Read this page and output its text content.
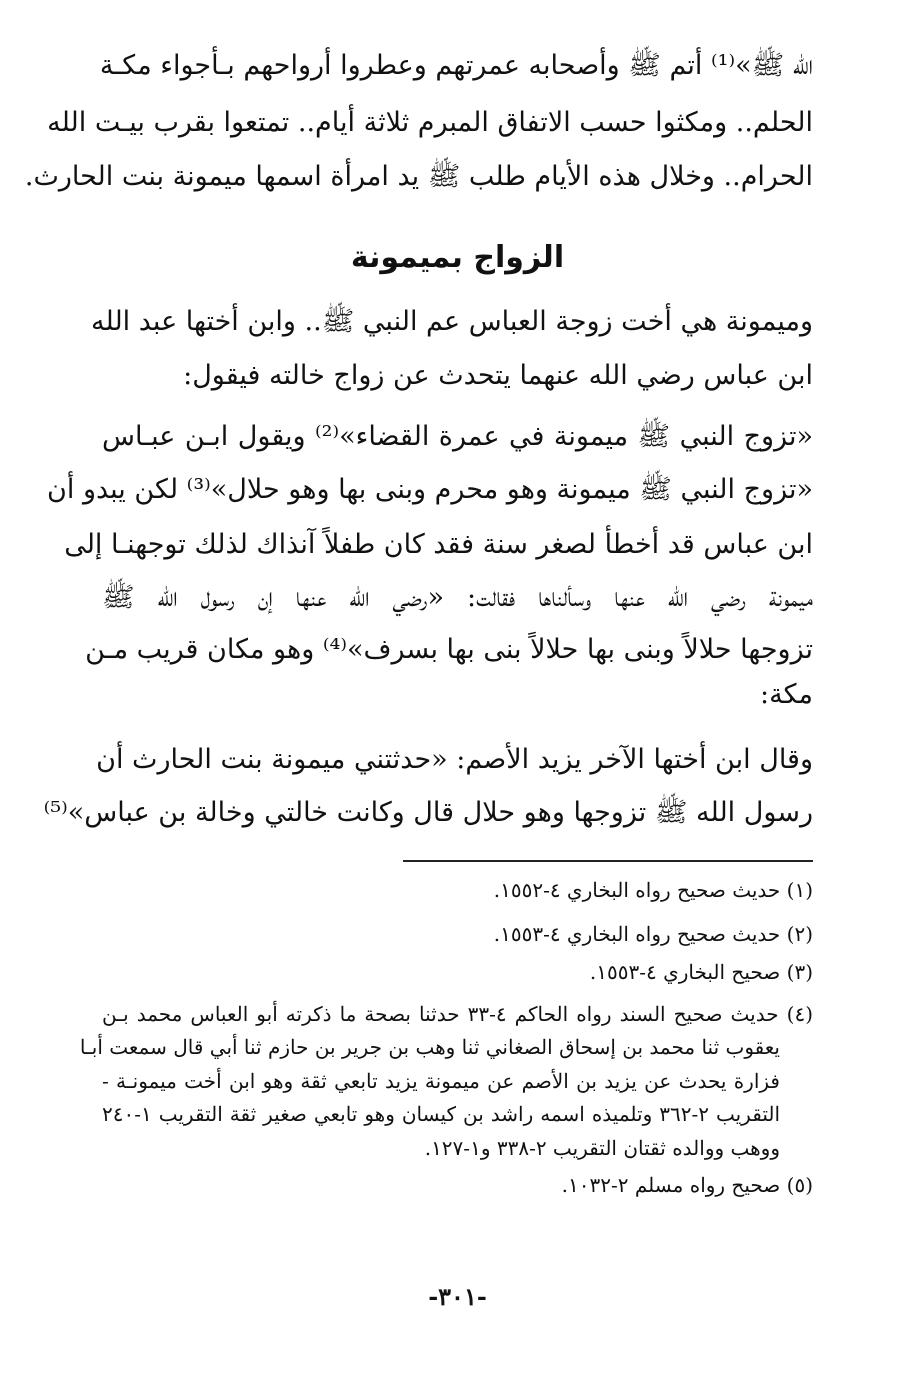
الله ﷺ»⁽¹⁾ أتم ﷺ وأصحابه عمرتهم وعطروا أرواحهم بـأجواء مكـة
الحلم.. ومكثوا حسب الاتفاق المبرم ثلاثة أيام.. تمتعوا بقرب بيـت الله
الحرام.. وخلال هذه الأيام طلب ﷺ يد امرأة اسمها ميمونة بنت الحارث.
الزواج بميمونة
وميمونة هي أخت زوجة العباس عم النبي ﷺ.. وابن أختها عبد الله
ابن عباس رضي الله عنهما يتحدث عن زواج خالته فيقول:
«تزوج النبي ﷺ ميمونة في عمرة القضاء»⁽²⁾ ويقول ابـن عبـاس
«تزوج النبي ﷺ ميمونة وهو محرم وبنى بها وهو حلال»⁽³⁾ لكن يبدو أن
ابن عباس قد أخطأ لصغر سنة فقد كان طفلاً آنذاك لذلك توجهنـا إلى
ميمونة رضي الله عنها وسألناها فقالت: «رضي الله عنها إن رسول الله ﷺ
تزوجها حلالاً وبنى بها حلالاً بنى بها بسرف»⁽⁴⁾ وهو مكان قريب مـن
مكة:
وقال ابن أختها الآخر يزيد الأصم: «حدثتني ميمونة بنت الحارث أن
رسول الله ﷺ تزوجها وهو حلال قال وكانت خالتي وخالة بن عباس»⁽⁵⁾
(١) حديث صحيح رواه البخاري ٤-١٥٥٢.
(٢) حديث صحيح رواه البخاري ٤-١٥٥٣.
(٣) صحيح البخاري ٤-١٥٥٣.
(٤) حديث صحيح السند رواه الحاكم ٤-٣٣ حدثنا بصحة ما ذكرته أبو العباس محمد بـن
يعقوب ثنا محمد بن إسحاق الصغاني ثنا وهب بن جرير بن حازم ثنا أبي قال سمعت أبـا
فزارة يحدث عن يزيد بن الأصم عن ميمونة يزيد تابعي ثقة وهو ابن أخت ميمونـة -
التقريب ٢-٣٦٢ وتلميذه اسمه راشد بن كيسان وهو تابعي صغير ثقة التقريب ١-٢٤٠
ووهب ووالده ثقتان التقريب ٢-٣٣٨ و١-١٢٧.
(٥) صحيح رواه مسلم ٢-١٠٣٢.
-٣٠١-
